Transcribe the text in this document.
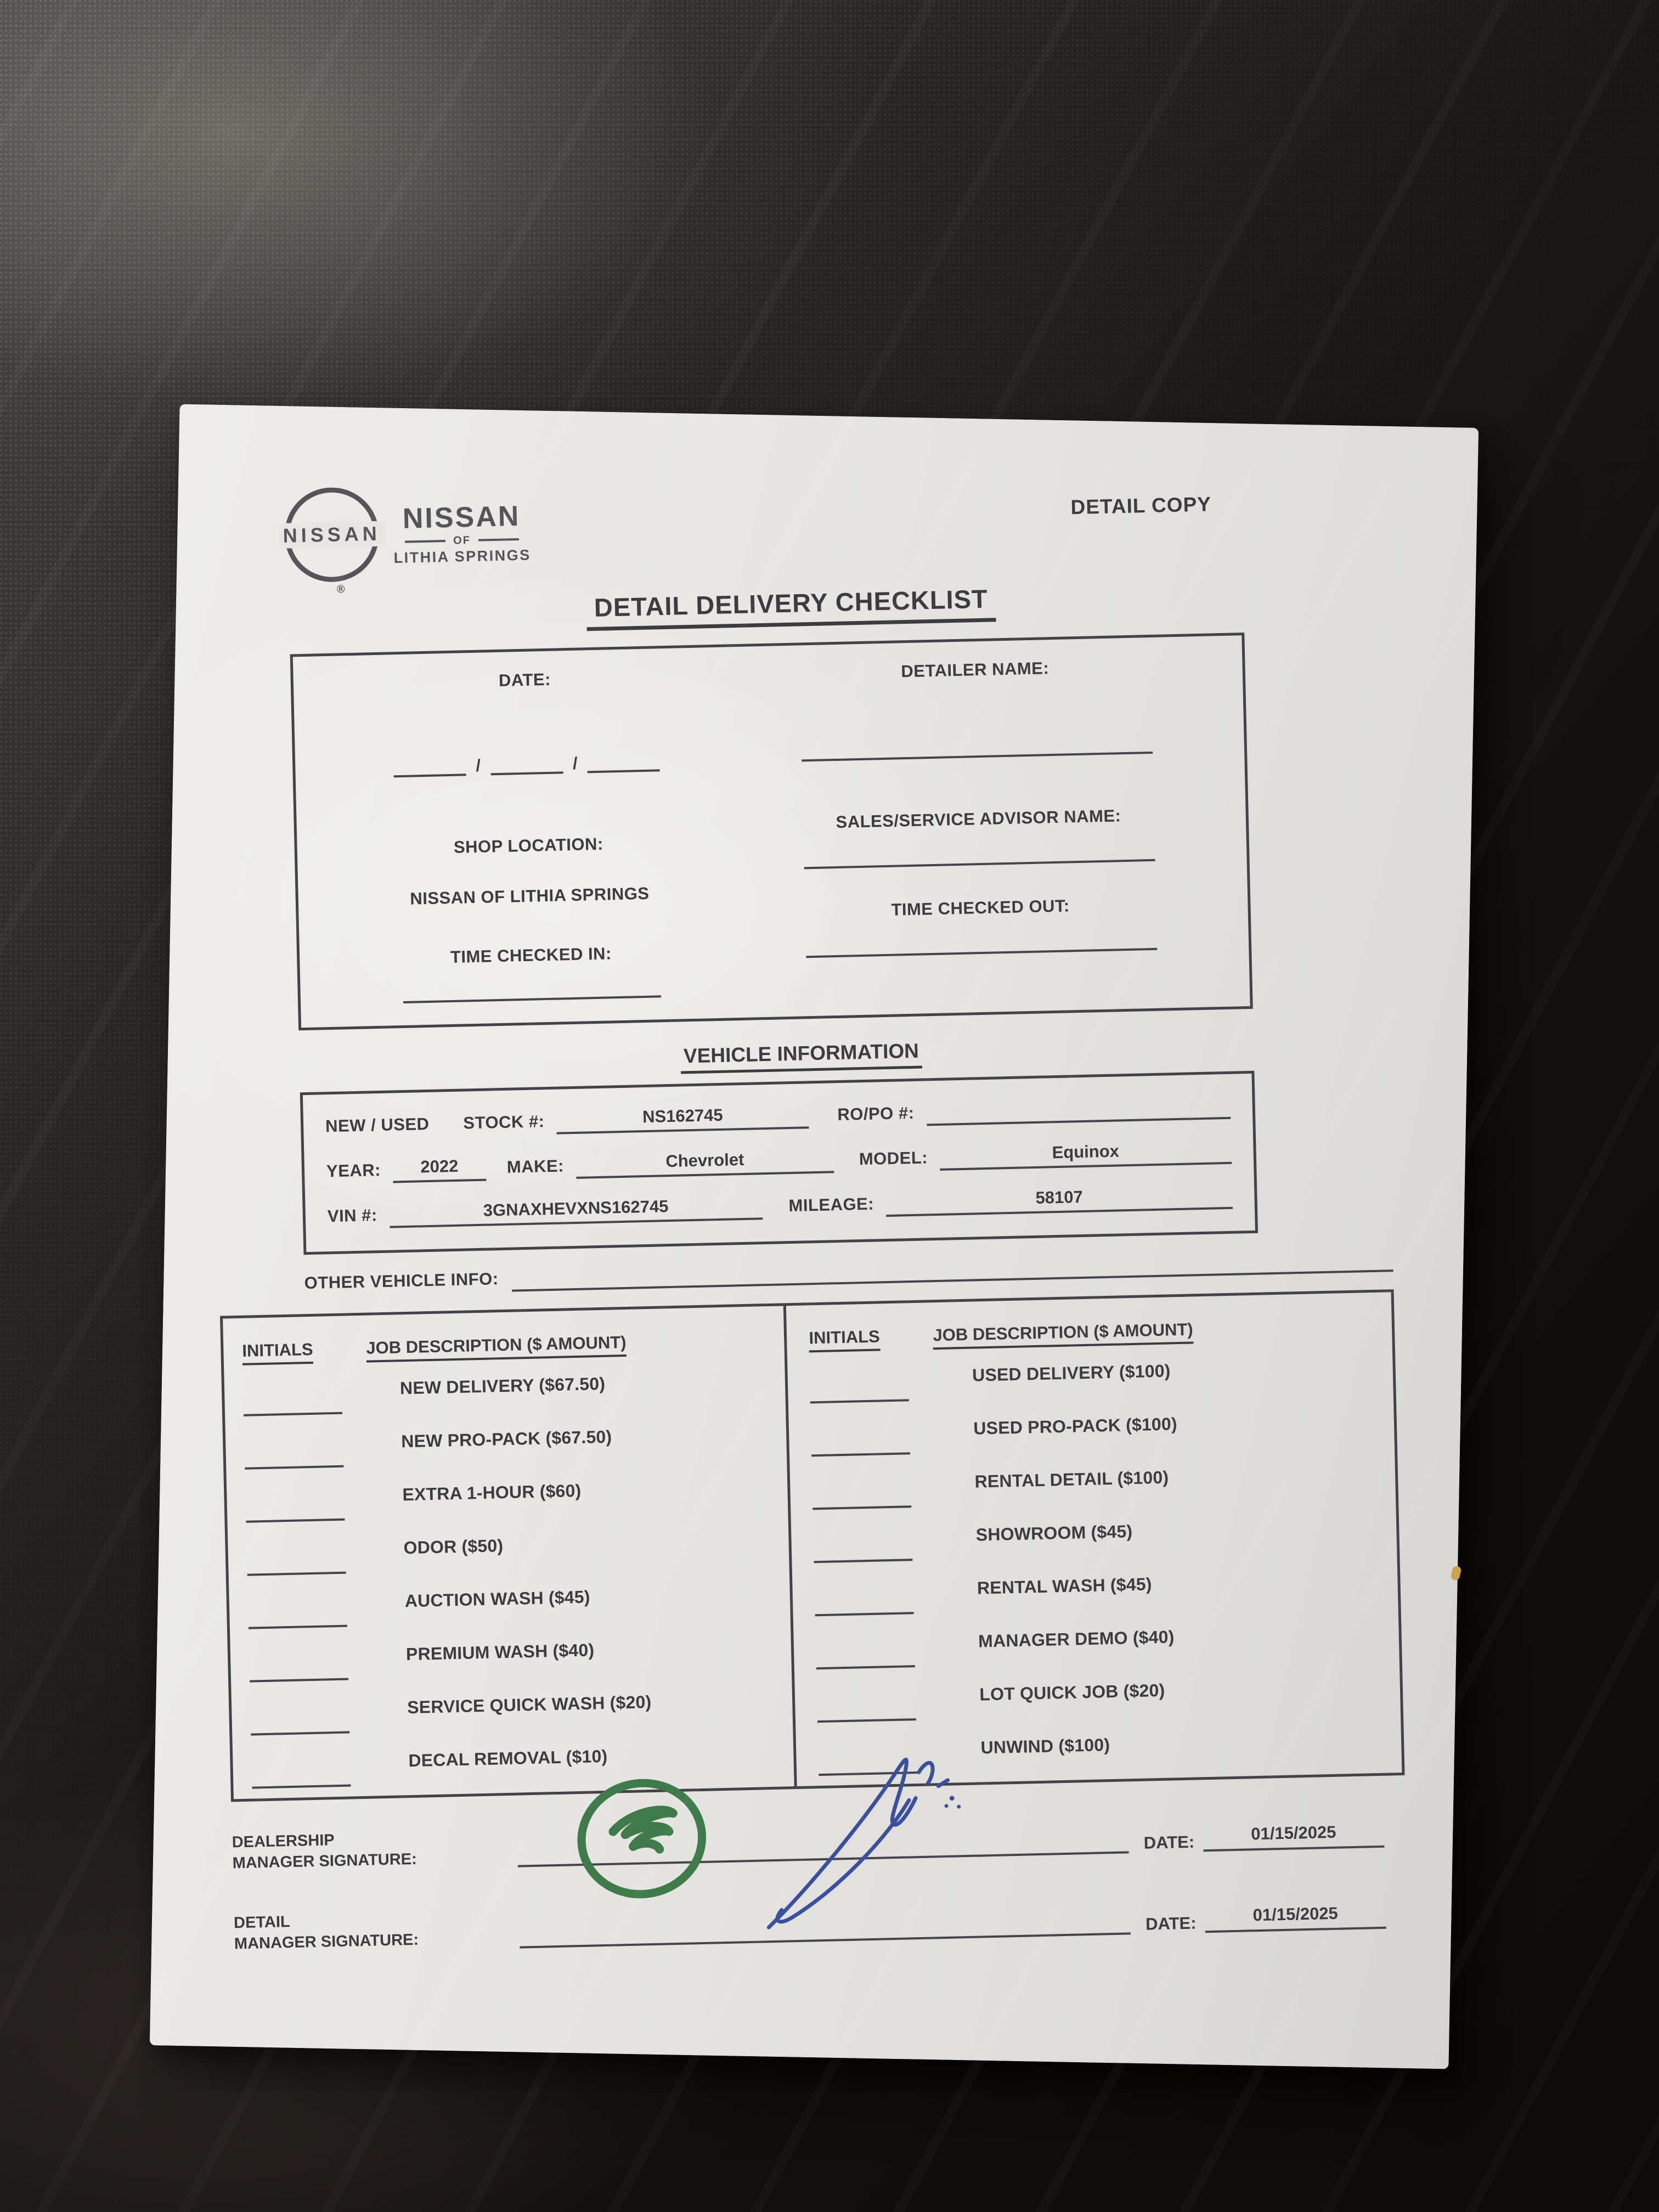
NISSAN
®
NISSAN
OF
LITHIA SPRINGS
DETAIL COPY
DETAIL DELIVERY CHECKLIST
DATE:
/	/
SHOP LOCATION:
NISSAN OF LITHIA SPRINGS
TIME CHECKED IN:
DETAILER NAME:
SALES/SERVICE ADVISOR NAME:
TIME CHECKED OUT:
VEHICLE INFORMATION
NEW / USED STOCK #:	NS162745	RO/PO #:
YEAR:	2022	MAKE:	Chevrolet	MODEL:	Equinox
VIN #:	3GNAXHEVXNS162745	MILEAGE:	58107
OTHER VEHICLE INFO:
INITIALS	JOB DESCRIPTION ($ AMOUNT)
NEW DELIVERY ($67.50)
NEW PRO-PACK ($67.50)
EXTRA 1-HOUR ($60)
ODOR ($50)
AUCTION WASH ($45)
PREMIUM WASH ($40)
SERVICE QUICK WASH ($20)
DECAL REMOVAL ($10)
INITIALS	JOB DESCRIPTION ($ AMOUNT)
USED DELIVERY ($100)
USED PRO-PACK ($100)
RENTAL DETAIL ($100)
SHOWROOM ($45)
RENTAL WASH ($45)
MANAGER DEMO ($40)
LOT QUICK JOB ($20)
UNWIND ($100)
DEALERSHIP
MANAGER SIGNATURE:
DATE:	01/15/2025
DETAIL
MANAGER SIGNATURE:
DATE:	01/15/2025
